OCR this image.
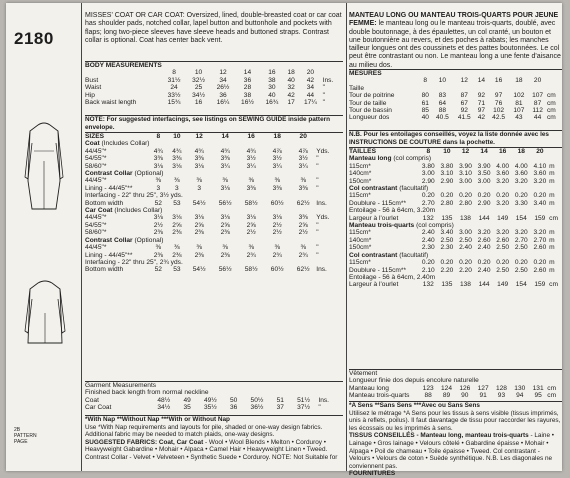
2180
2B
PATTERN
PAGE
MISSES' COAT OR CAR COAT: Oversized, lined, double-breasted coat or car coat has shoulder pads, notched collar, lapel button and buttonhole and pockets with flaps; long two-piece sleeves have sleeve heads and buttoned straps. Contrast collar is optional. Coat has center back vent.
BODY MEASUREMENTS								
	8	10	12	14	16	18	20	
Bust	31½	32½	34	36	38	40	42	Ins.
Waist	24	25	26½	28	30	32	34	"
Hip	33½	34½	36	38	40	42	44	"
Back waist length	15¾	16	16¼	16½	16¾	17	17¼	"
NOTE: For suggested interfacings, see listings on SEWING GUIDE inside pattern envelope.
SIZES	8	10	12	14	16	18	20	
Coat (Includes Collar)								
44/45"*	4¾	4¾	4¾	4¾	4¾	4⅞	4⅞	Yds.
54/55"*	3⅜	3⅜	3⅜	3⅜	3½	3½	3½	"
58/60"*	3⅛	3⅛	3⅛	3¼	3¼	3¼	3¼	"
Contrast Collar (Optional)								
44/45"*	⅜	⅜	⅜	⅜	⅜	⅜	⅜	"
Lining - 44/45"**	3	3	3	3⅛	3⅜	3⅜	3⅜	"
Interfacing - 22" thru 25", 3½ yds.								
Bottom width	52	53	54½	56½	58½	60½	62½	Ins.
Car Coat (Includes Collar)								
44/45"*	3⅛	3⅛	3⅛	3⅛	3⅛	3⅛	3⅜	Yds.
54/55"*	2½	2⅝	2⅝	2⅝	2⅝	2½	2⅝	"
58/60"*	2⅜	2⅜	2⅜	2⅜	2½	2½	2½	"
Contrast Collar (Optional)								
44/45"*	⅜	⅜	⅜	⅜	⅜	⅜	⅜	"
Lining - 44/45"**	2⅜	2⅜	2⅜	2⅜	2¾	2¾	2¾	"
Interfacing - 22" thru 25", 2¾ yds.								
Bottom width	52	53	54½	56½	58½	60½	62½	Ins.
Garment Measurements								
Finished back length from normal neckline								
Coat	48½	49	49½	50	50½	51	51½	Ins.
Car Coat	34½	35	35½	36	36½	37	37½	"
*With Nap **Without Nap ***With or Without Nap
Use *With Nap requirements and layouts for pile, shaded or one-way design fabrics. Additional fabric may be needed to match plaids, one-way designs.
SUGGESTED FABRICS: Coat, Car Coat - Wool • Wool Blends • Melton • Corduroy • Heavyweight Gabardine • Mohair • Alpaca • Camel Hair • Heavyweight Linen • Tweed. Contrast Collar - Velvet • Velveteen • Synthetic Suede • Corduroy. NOTE: Not Suitable for
MANTEAU LONG OU MANTEAU TROIS-QUARTS POUR JEUNE FEMME: le manteau long ou le manteau trois-quarts, doublé, avec double boutonnage, à des épaulettes, un col cranté, un bouton et une boutonnière au revers, et des poches à rabats; les manches tailleur longues ont des coussinets et des pattes boutonnées. Le col peut être contrastant ou non. Le manteau long a une fente d'aisance au milieu dos.
MESURES								
	8	10	12	14	16	18	20	
Taille								
Tour de poitrine	80	83	87	92	97	102	107	cm
Tour de taille	61	64	67	71	76	81	87	cm
Tour de bassin	85	88	92	97	102	107	112	cm
Longueur dos	40	40.5	41.5	42	42.5	43	44	cm
N.B. Pour les entoilages conseillés, voyez la liste donnée avec les INSTRUCTIONS DE COUTURE dans la pochette.
TAILLES	8	10	12	14	16	18	20	
Manteau long (col compris)								
115cm*	3.80	3.80	3.90	3.90	4.00	4.00	4.10	m
140cm*	3.00	3.10	3.10	3.50	3.60	3.60	3.60	m
150cm*	2.90	2.90	3.00	3.00	3.20	3.20	3.20	m
Col contrastant (facultatif)								
115cm*	0.20	0.20	0.20	0.20	0.20	0.20	0.20	m
Doublure - 115cm**	2.70	2.80	2.80	2.90	3.20	3.30	3.40	m
Entoilage - 56 à 64cm, 3.20m								
Largeur à l'ourlet	132	135	138	144	149	154	159	cm
Manteau trois-quarts (col compris)								
115cm*	2.40	3.40	3.00	3.20	3.20	3.20	3.20	m
140cm*	2.40	2.50	2.50	2.60	2.60	2.70	2.70	m
150cm*	2.30	2.30	2.40	2.40	2.50	2.50	2.60	m
Col contrastant (facultatif)								
115cm*	0.20	0.20	0.20	0.20	0.20	0.20	0.20	m
Doublure - 115cm**	2.10	2.20	2.20	2.40	2.50	2.50	2.60	m
Entoilage - 56 à 64cm, 2.40m								
Largeur à l'ourlet	132	135	138	144	149	154	159	cm
Vêtement								
Longueur finie dos depuis encolure naturelle								
Manteau long	123	124	126	127	128	130	131	cm
Manteau trois-quarts	88	89	90	91	93	94	95	cm
*A Sens **Sans Sens ***Avec ou Sans Sens
Utilisez le métrage *A Sens pour les tissus à sens visible (tissus imprimés, unis à reflets, poilus). Il faut davantage de tissu pour raccorder les rayures, les écossais ou les imprimés à sens.
TISSUS CONSEILLÉS - Manteau long, manteau trois-quarts - Laine • Lainage • Gros lainage • Velours côtelé • Gabardine épaisse • Mohair • Alpaga • Poil de chameau • Toile épaisse • Tweed. Col contrastant - Velours • Velours de coton • Suède synthétique. N.B. Les diagonales ne conviennent pas.
FOURNITURES
